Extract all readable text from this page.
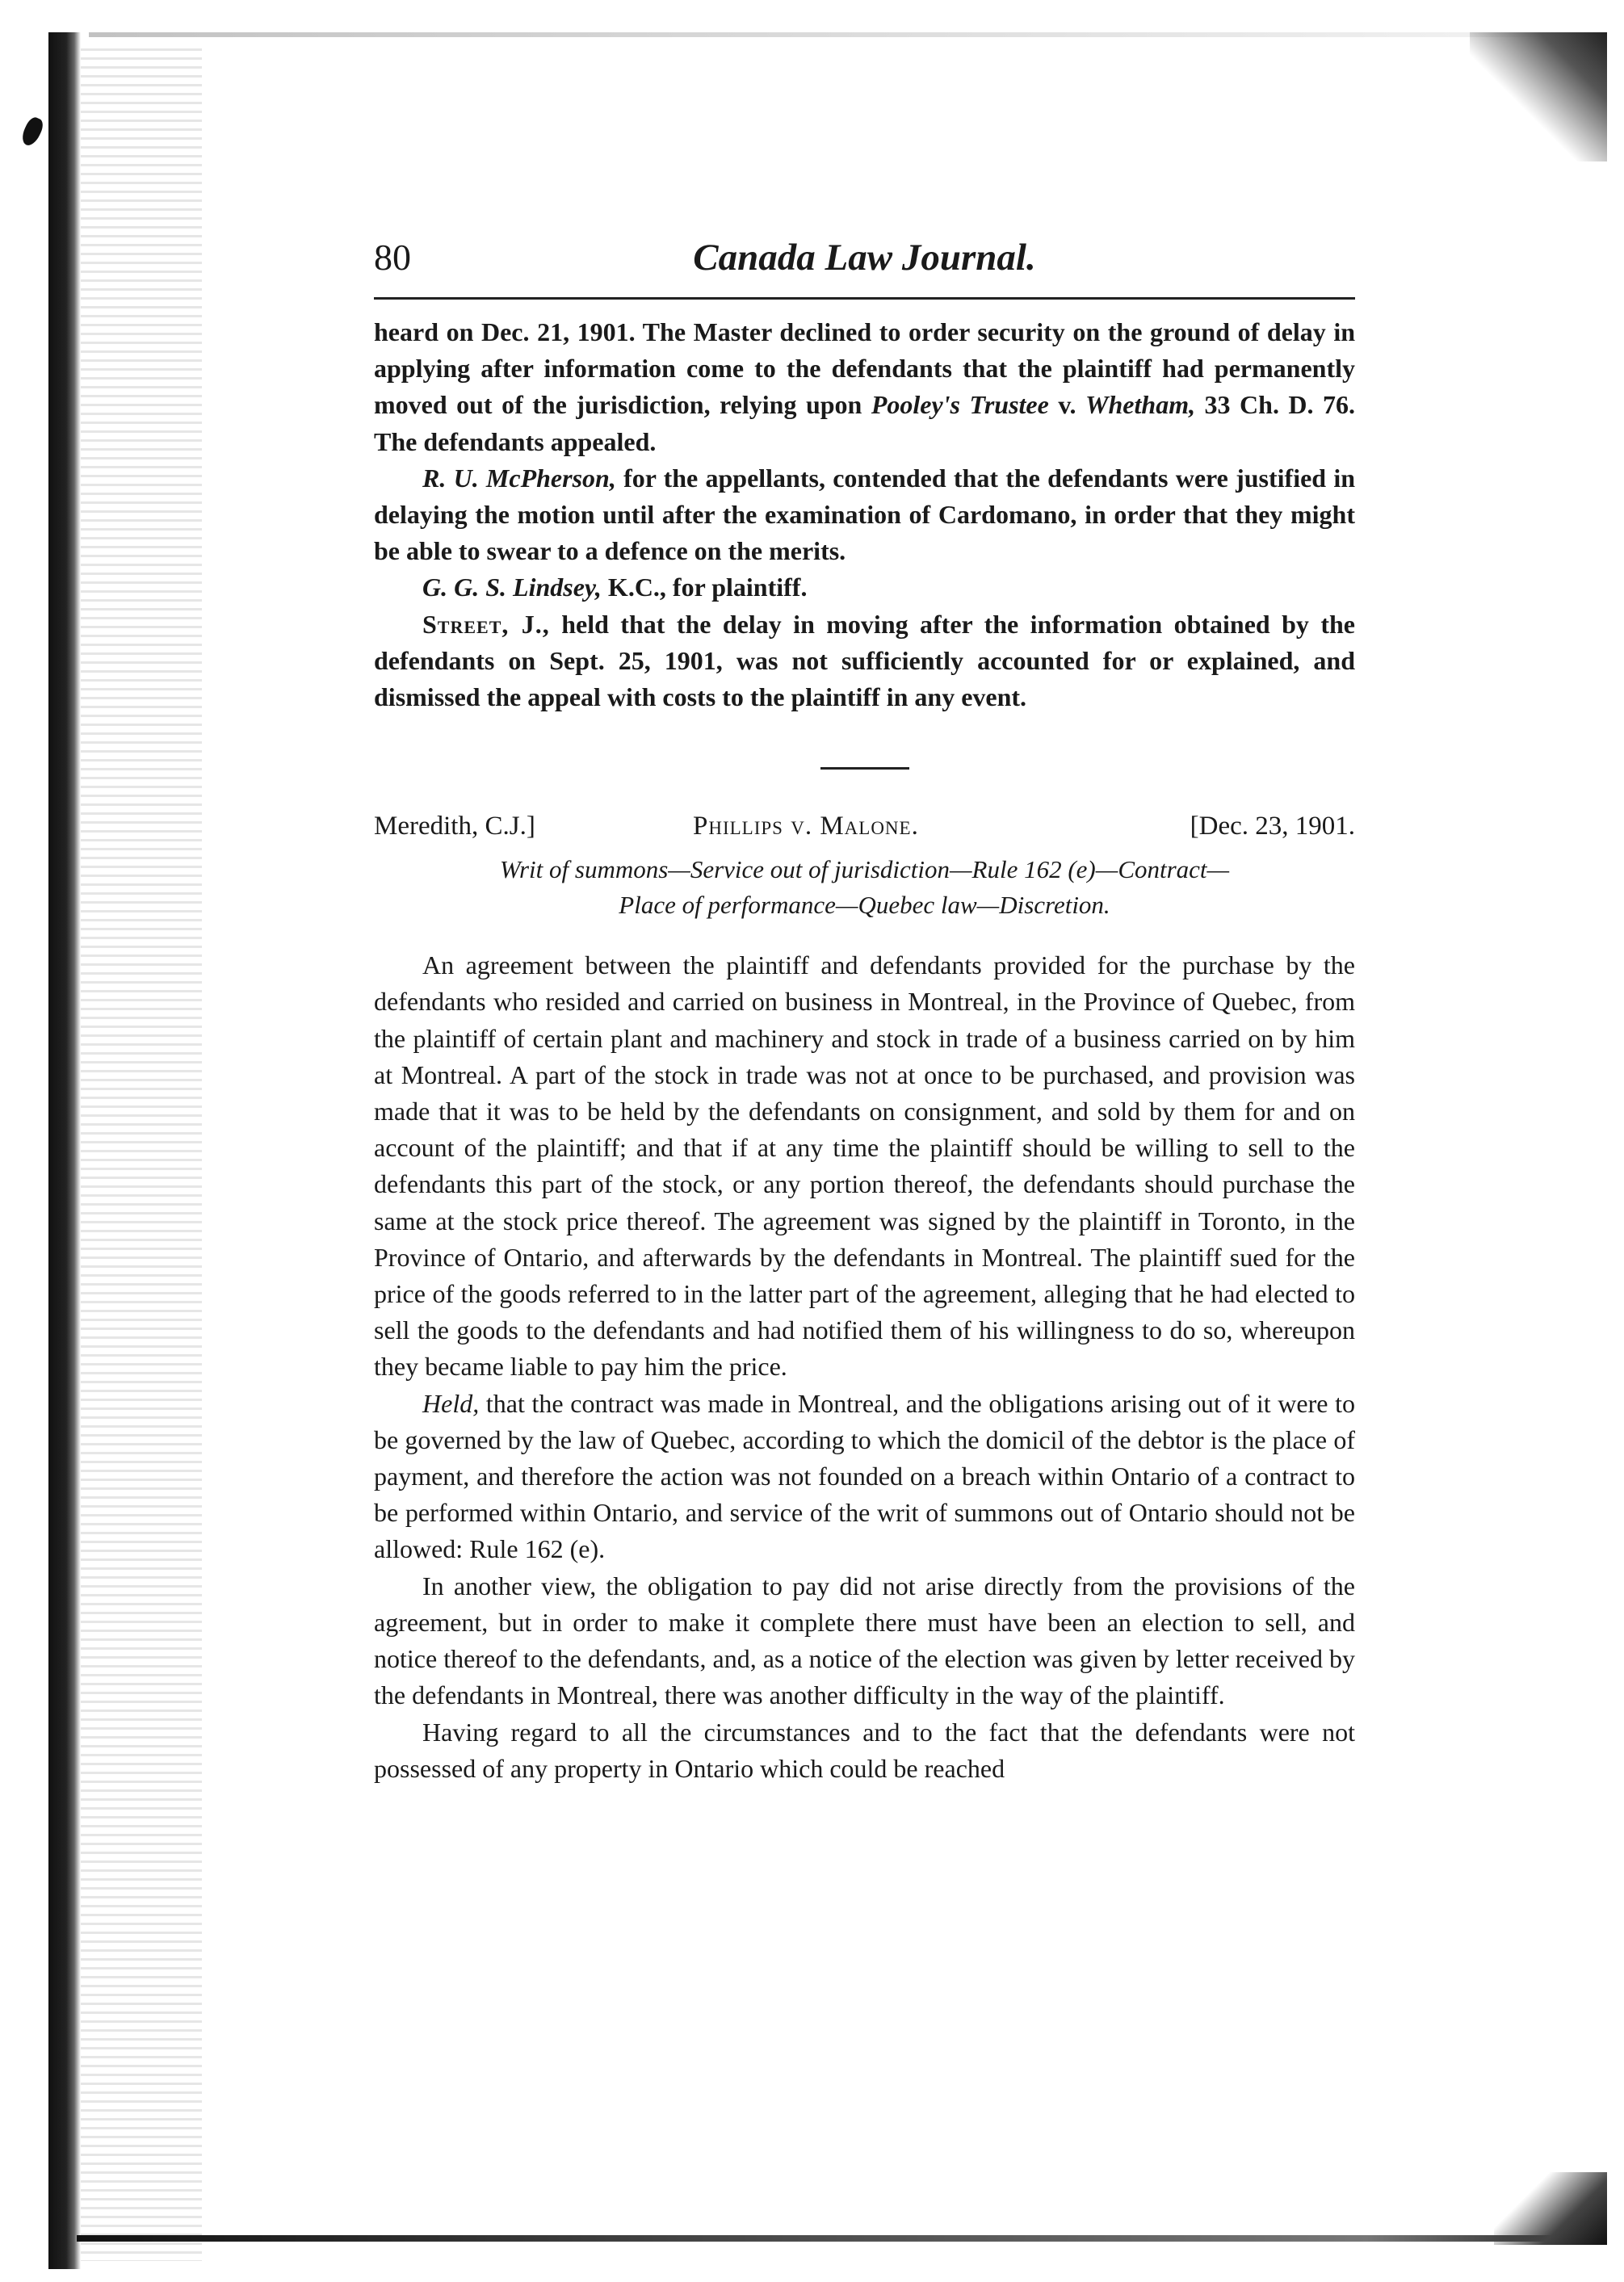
80	Canada Law Journal.

heard on Dec. 21, 1901. The Master declined to order security on the ground of delay in applying after information come to the defendants that the plaintiff had permanently moved out of the jurisdiction, relying upon Pooley's Trustee v. Whetham, 33 Ch. D. 76. The defendants appealed.

R. U. McPherson, for the appellants, contended that the defendants were justified in delaying the motion until after the examination of Cardomano, in order that they might be able to swear to a defence on the merits.

G. G. S. Lindsey, K.C., for plaintiff.

Street, J., held that the delay in moving after the information obtained by the defendants on Sept. 25, 1901, was not sufficiently accounted for or explained, and dismissed the appeal with costs to the plaintiff in any event.

Meredith, C.J.]	Phillips v. Malone.	[Dec. 23, 1901.
Writ of summons—Service out of jurisdiction—Rule 162 (e)—Contract—
Place of performance—Quebec law—Discretion.

An agreement between the plaintiff and defendants provided for the purchase by the defendants who resided and carried on business in Montreal, in the Province of Quebec, from the plaintiff of certain plant and machinery and stock in trade of a business carried on by him at Montreal. A part of the stock in trade was not at once to be purchased, and provision was made that it was to be held by the defendants on consignment, and sold by them for and on account of the plaintiff; and that if at any time the plaintiff should be willing to sell to the defendants this part of the stock, or any portion thereof, the defendants should purchase the same at the stock price thereof. The agreement was signed by the plaintiff in Toronto, in the Province of Ontario, and afterwards by the defendants in Montreal. The plaintiff sued for the price of the goods referred to in the latter part of the agreement, alleging that he had elected to sell the goods to the defendants and had notified them of his willingness to do so, whereupon they became liable to pay him the price.

Held, that the contract was made in Montreal, and the obligations arising out of it were to be governed by the law of Quebec, according to which the domicil of the debtor is the place of payment, and therefore the action was not founded on a breach within Ontario of a contract to be performed within Ontario, and service of the writ of summons out of Ontario should not be allowed: Rule 162 (e).

In another view, the obligation to pay did not arise directly from the provisions of the agreement, but in order to make it complete there must have been an election to sell, and notice thereof to the defendants, and, as a notice of the election was given by letter received by the defendants in Montreal, there was another difficulty in the way of the plaintiff.

Having regard to all the circumstances and to the fact that the defendants were not possessed of any property in Ontario which could be reached
